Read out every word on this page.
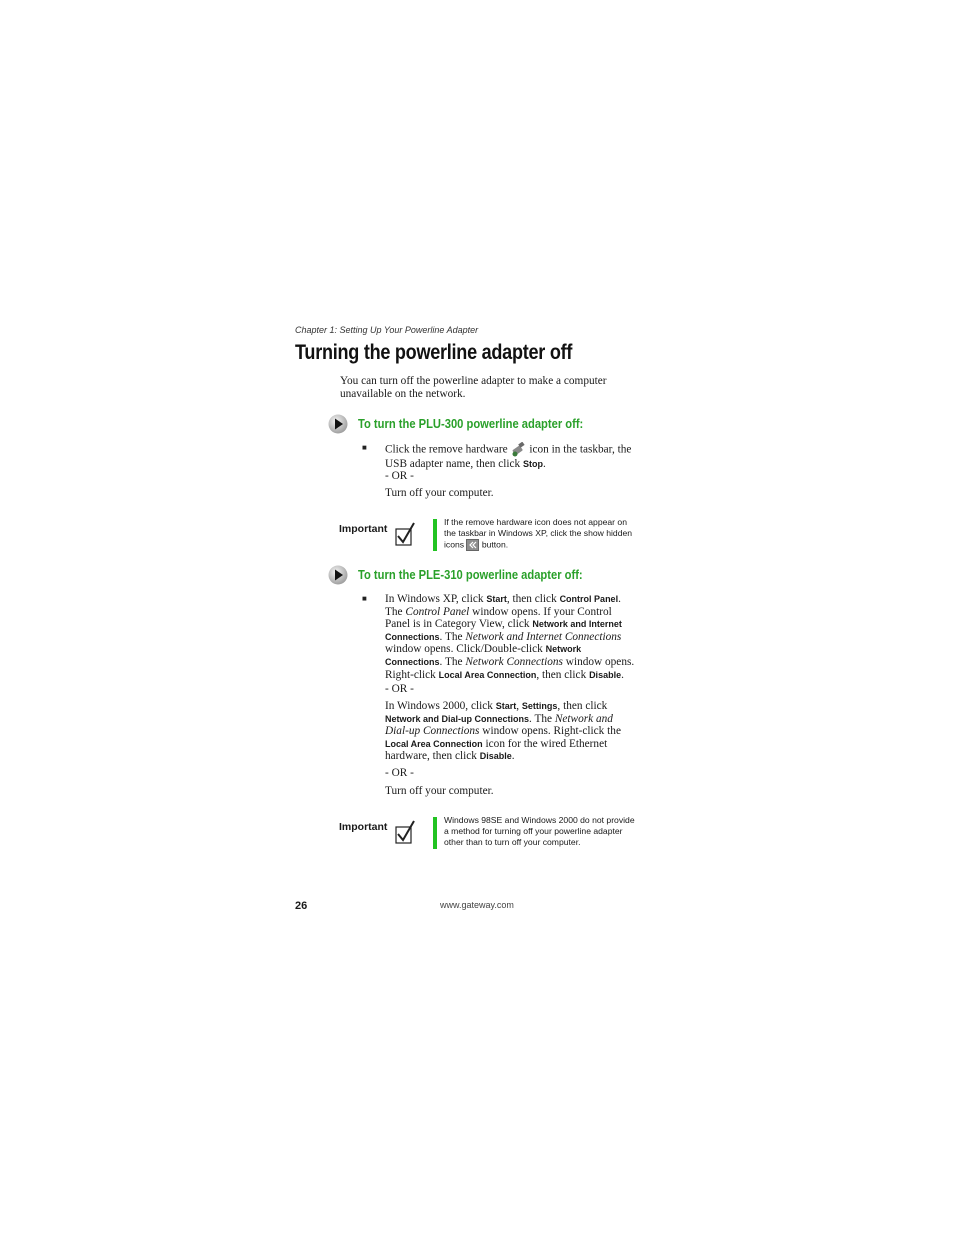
Chapter 1: Setting Up Your Powerline Adapter
Turning the powerline adapter off
You can turn off the powerline adapter to make a computer unavailable on the network.
To turn the PLU-300 powerline adapter off:
■ Click the remove hardware icon in the taskbar, the
USB adapter name, then click Stop.
- OR -
Turn off your computer.
Important
If the remove hardware icon does not appear on
the taskbar in Windows XP, click the show hidden
icons button.
To turn the PLE-310 powerline adapter off:
■ In Windows XP, click Start, then click Control Panel.
The Control Panel window opens. If your Control
Panel is in Category View, click Network and Internet
Connections. The Network and Internet Connections
window opens. Click/Double-click Network
Connections. The Network Connections window opens.
Right-click Local Area Connection, then click Disable.
- OR -
In Windows 2000, click Start, Settings, then click
Network and Dial-up Connections. The Network and
Dial-up Connections window opens. Right-click the
Local Area Connection icon for the wired Ethernet
hardware, then click Disable.
- OR -
Turn off your computer.
Important
Windows 98SE and Windows 2000 do not provide
a method for turning off your powerline adapter
other than to turn off your computer.
26	www.gateway.com
